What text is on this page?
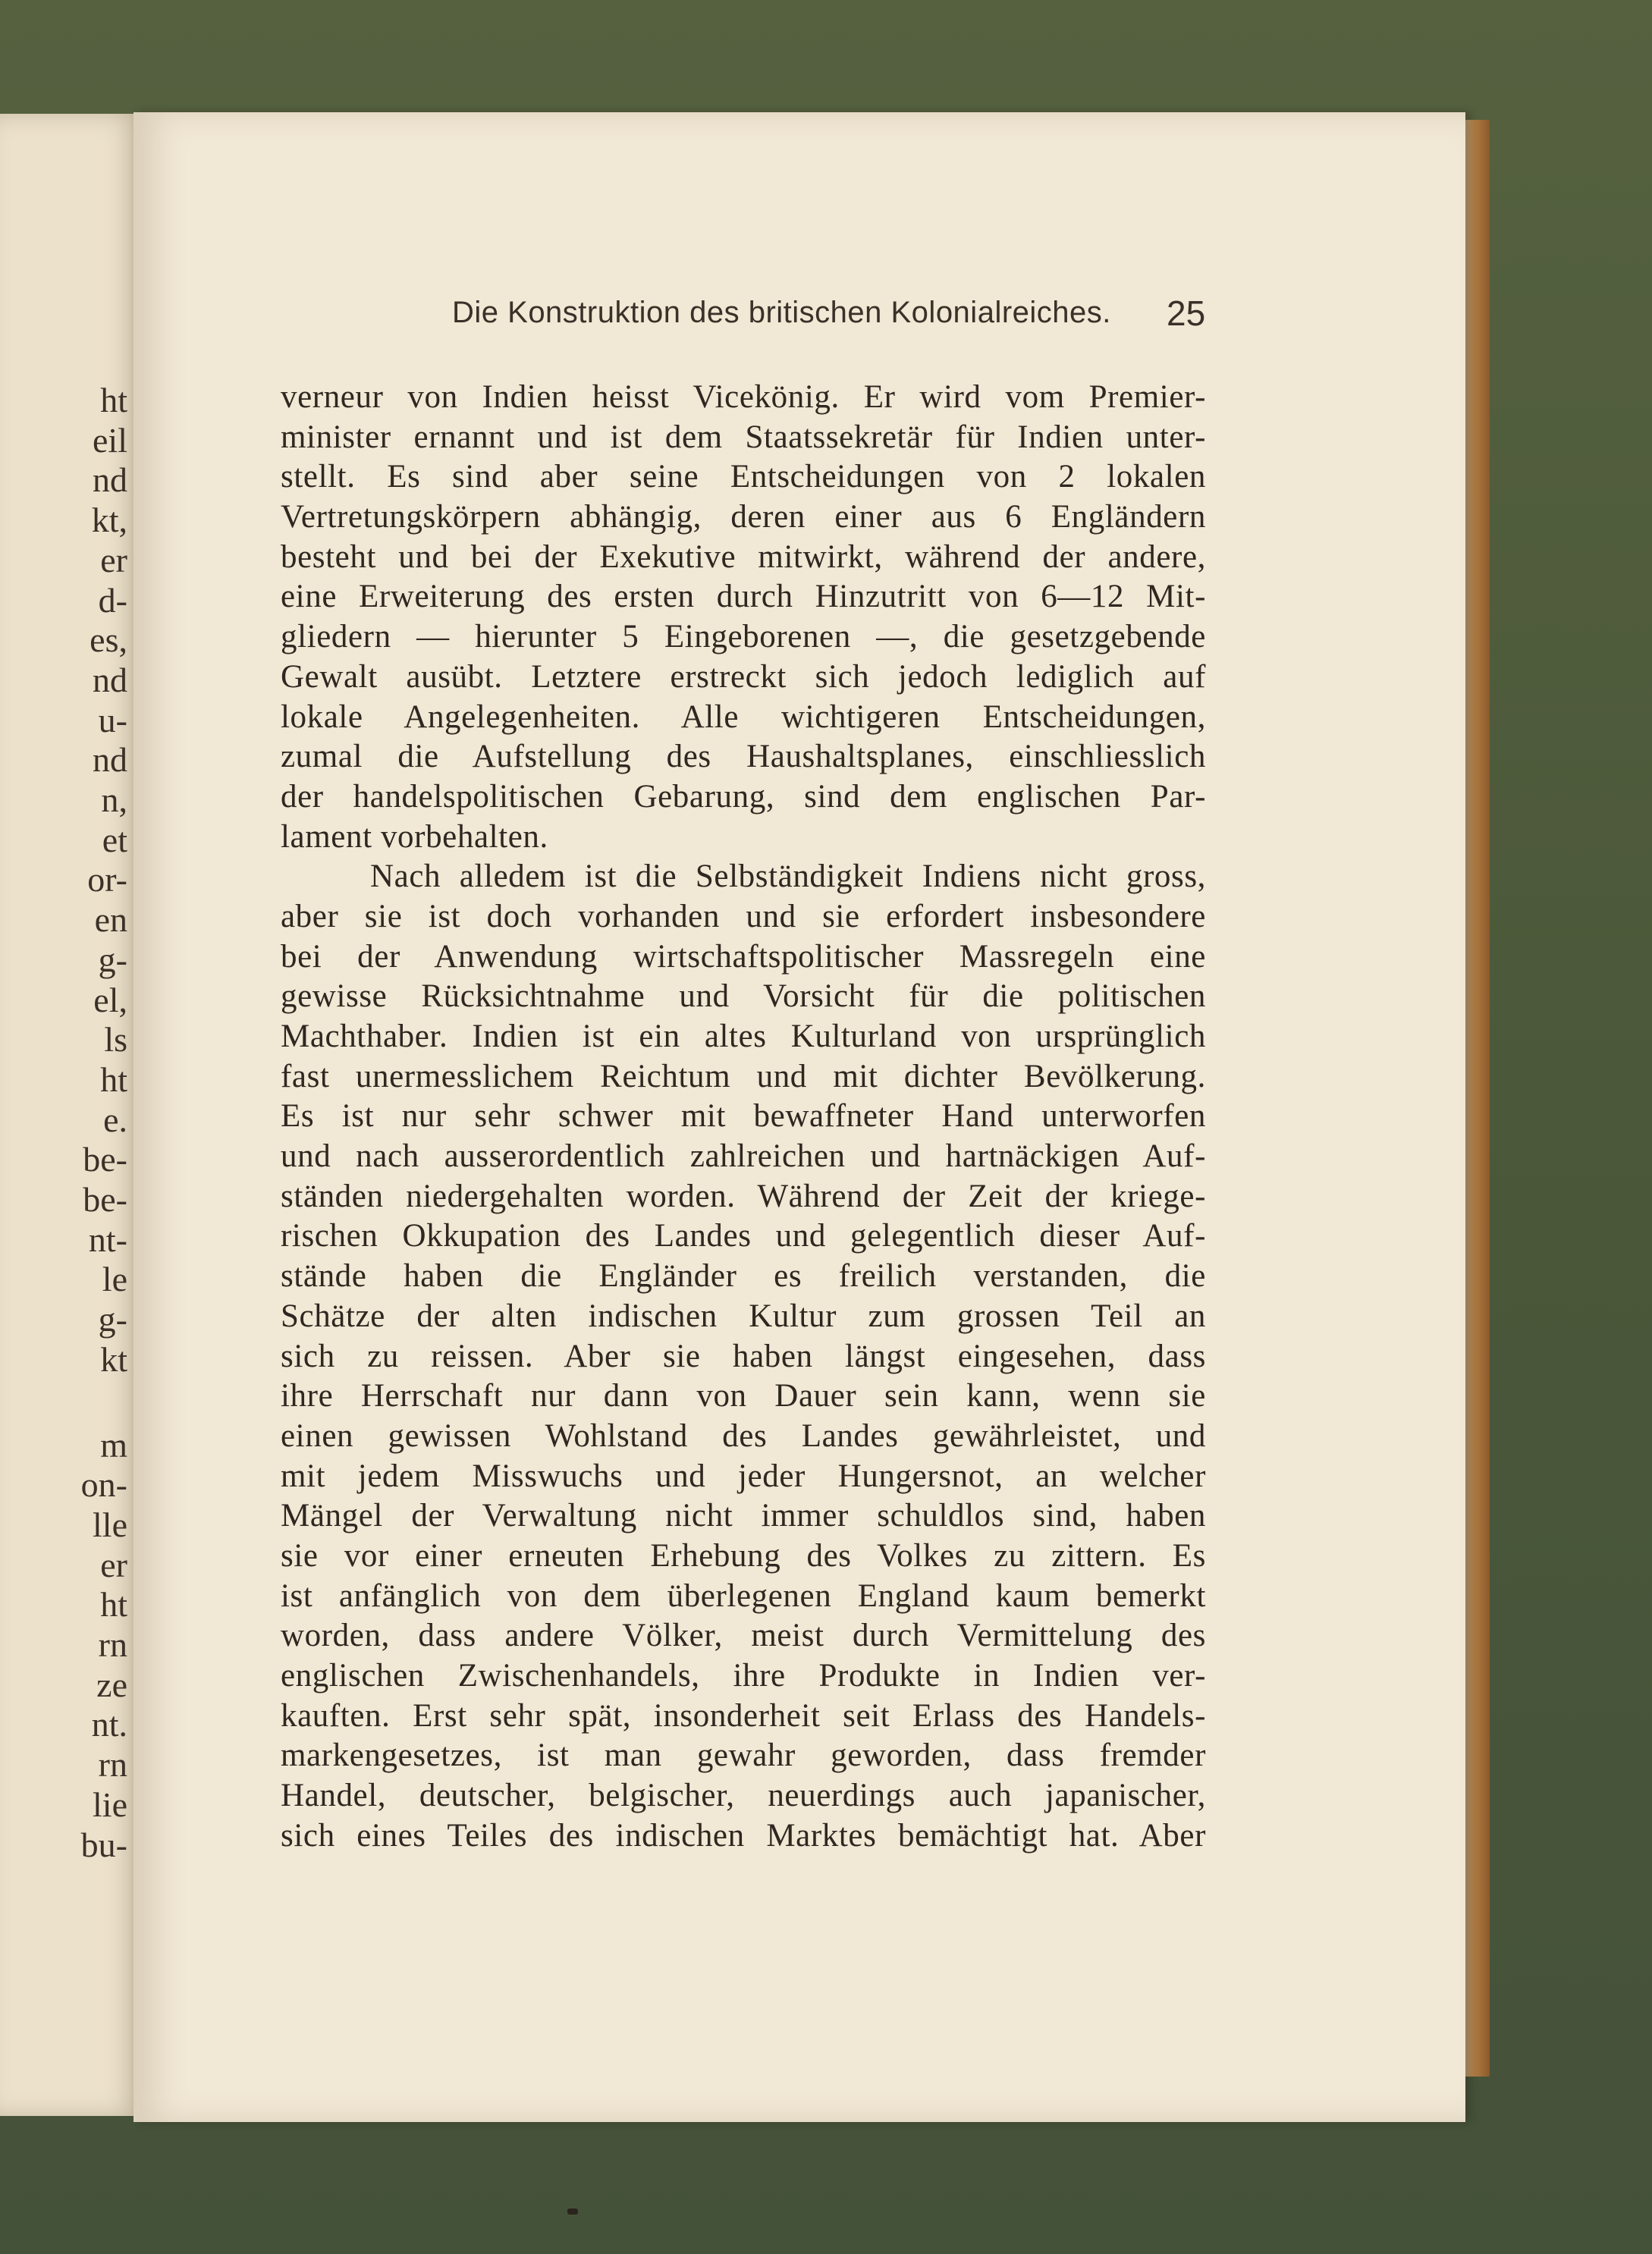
ht
eil
nd
kt,
er
d-
es,
nd
u-
nd
n,
et
or-
en
g-
el,
ls
ht
e.
be-
be-
nt-
le
g-
kt
m
on-
lle
er
ht
rn
ze
nt.
rn
lie
bu-
Die Konstruktion des britischen Kolonialreiches.	25
verneur von Indien heisst Vicekönig. Er wird vom Premier-
minister ernannt und ist dem Staatssekretär für Indien unter-
stellt. Es sind aber seine Entscheidungen von 2 lokalen
Vertretungskörpern abhängig, deren einer aus 6 Engländern
besteht und bei der Exekutive mitwirkt, während der andere,
eine Erweiterung des ersten durch Hinzutritt von 6—12 Mit-
gliedern — hierunter 5 Eingeborenen —, die gesetzgebende
Gewalt ausübt. Letztere erstreckt sich jedoch lediglich auf
lokale Angelegenheiten. Alle wichtigeren Entscheidungen,
zumal die Aufstellung des Haushaltsplanes, einschliesslich
der handelspolitischen Gebarung, sind dem englischen Par-
lament vorbehalten.
Nach alledem ist die Selbständigkeit Indiens nicht gross,
aber sie ist doch vorhanden und sie erfordert insbesondere
bei der Anwendung wirtschaftspolitischer Massregeln eine
gewisse Rücksichtnahme und Vorsicht für die politischen
Machthaber. Indien ist ein altes Kulturland von ursprünglich
fast unermesslichem Reichtum und mit dichter Bevölkerung.
Es ist nur sehr schwer mit bewaffneter Hand unterworfen
und nach ausserordentlich zahlreichen und hartnäckigen Auf-
ständen niedergehalten worden. Während der Zeit der kriege-
rischen Okkupation des Landes und gelegentlich dieser Auf-
stände haben die Engländer es freilich verstanden, die
Schätze der alten indischen Kultur zum grossen Teil an
sich zu reissen. Aber sie haben längst eingesehen, dass
ihre Herrschaft nur dann von Dauer sein kann, wenn sie
einen gewissen Wohlstand des Landes gewährleistet, und
mit jedem Misswuchs und jeder Hungersnot, an welcher
Mängel der Verwaltung nicht immer schuldlos sind, haben
sie vor einer erneuten Erhebung des Volkes zu zittern. Es
ist anfänglich von dem überlegenen England kaum bemerkt
worden, dass andere Völker, meist durch Vermittelung des
englischen Zwischenhandels, ihre Produkte in Indien ver-
kauften. Erst sehr spät, insonderheit seit Erlass des Handels-
markengesetzes, ist man gewahr geworden, dass fremder
Handel, deutscher, belgischer, neuerdings auch japanischer,
sich eines Teiles des indischen Marktes bemächtigt hat. Aber
